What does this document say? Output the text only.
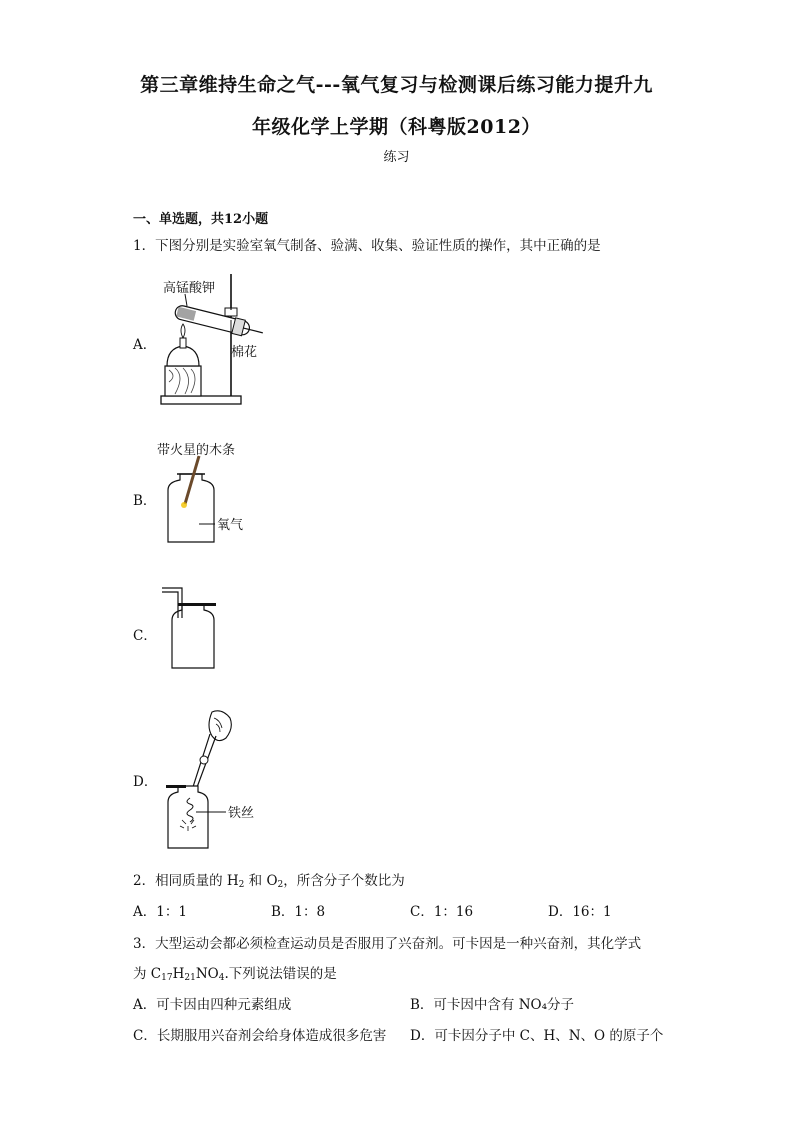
第三章维持生命之气---氧气复习与检测课后练习能力提升九
年级化学上学期（科粤版2012）
练习
一、单选题，共12小题
1．下图分别是实验室氧气制备、验满、收集、验证性质的操作，其中正确的是
A．
高锰酸钾
棉花
B．
带火星的木条
氧气
C．
D．
铁丝
2．相同质量的 $H_2$ 和 $O_2$，所含分子个数比为
A．1：1	B．1：8	C．1：16	D．16：1
3．大型运动会都必须检查运动员是否服用了兴奋剂。可卡因是一种兴奋剂，其化学式
为 $C_{17}H_{21}NO_4$.下列说法错误的是
A．可卡因由四种元素组成	B．可卡因中含有 NO₄分子
C．长期服用兴奋剂会给身体造成很多危害 D．可卡因分子中 C、H、N、O 的原子个
